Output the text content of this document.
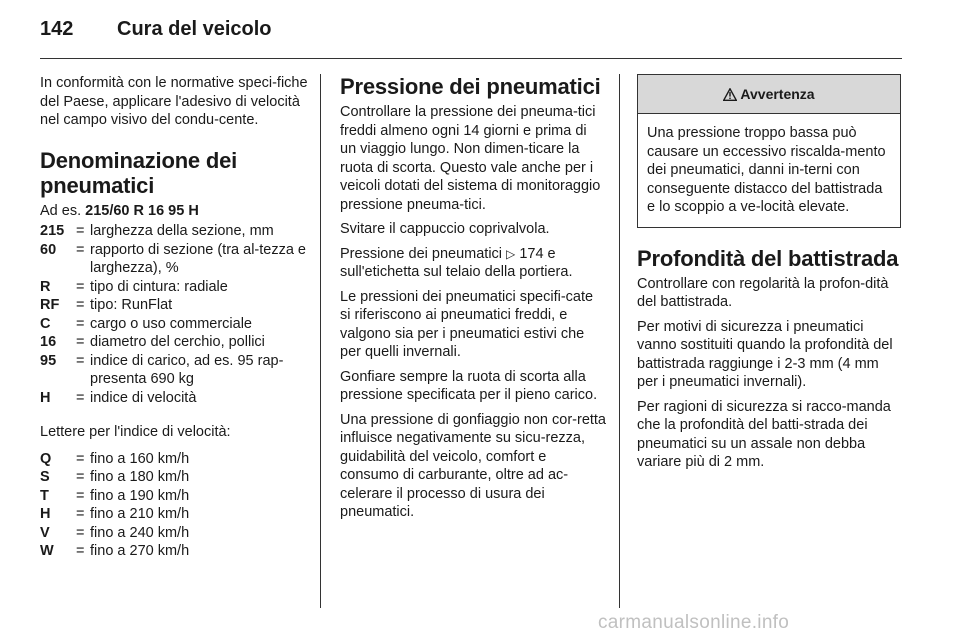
142 Cura del veicolo

In conformità con le normative speci-fiche del Paese, applicare l'adesivo di velocità nel campo visivo del condu-cente.

Denominazione dei pneumatici

Ad es. 215/60 R 16 95 H

215 = larghezza della sezione, mm
60	= rapporto di sezione (tra al-tezza e larghezza), %
R	= tipo di cintura: radiale
RF	= tipo: RunFlat
C	= cargo o uso commerciale
16	= diametro del cerchio, pollici
95	= indice di carico, ad es. 95 rap-presenta 690 kg
H	= indice di velocità

Lettere per l'indice di velocità:

Q	= fino a 160 km/h
S	= fino a 180 km/h
T	= fino a 190 km/h
H	= fino a 210 km/h
V	= fino a 240 km/h
W	= fino a 270 km/h
Pressione dei pneumatici

Controllare la pressione dei pneuma-tici freddi almeno ogni 14 giorni e prima di un viaggio lungo. Non dimen-ticare la ruota di scorta. Questo vale anche per i veicoli dotati del sistema di monitoraggio pressione pneuma-tici.

Svitare il cappuccio coprivalvola.

Pressione dei pneumatici ▷ 174 e sull'etichetta sul telaio della portiera.

Le pressioni dei pneumatici specifi-cate si riferiscono ai pneumatici freddi, e valgono sia per i pneumatici estivi che per quelli invernali.

Gonfiare sempre la ruota di scorta alla pressione specificata per il pieno carico.

Una pressione di gonfiaggio non cor-retta influisce negativamente su sicu-rezza, guidabilità del veicolo, comfort e consumo di carburante, oltre ad ac-celerare il processo di usura dei pneumatici.

Avvertenza
Una pressione troppo bassa può causare un eccessivo riscalda-mento dei pneumatici, danni in-terni con conseguente distacco del battistrada e lo scoppio a ve-locità elevate.
Profondità del battistrada

Controllare con regolarità la profon-dità del battistrada.

Per motivi di sicurezza i pneumatici vanno sostituiti quando la profondità del battistrada raggiunge i 2-3 mm (4 mm per i pneumatici invernali).

Per ragioni di sicurezza si racco-manda che la profondità del batti-strada dei pneumatici su un assale non debba variare più di 2 mm.

carmanualsonline.info
